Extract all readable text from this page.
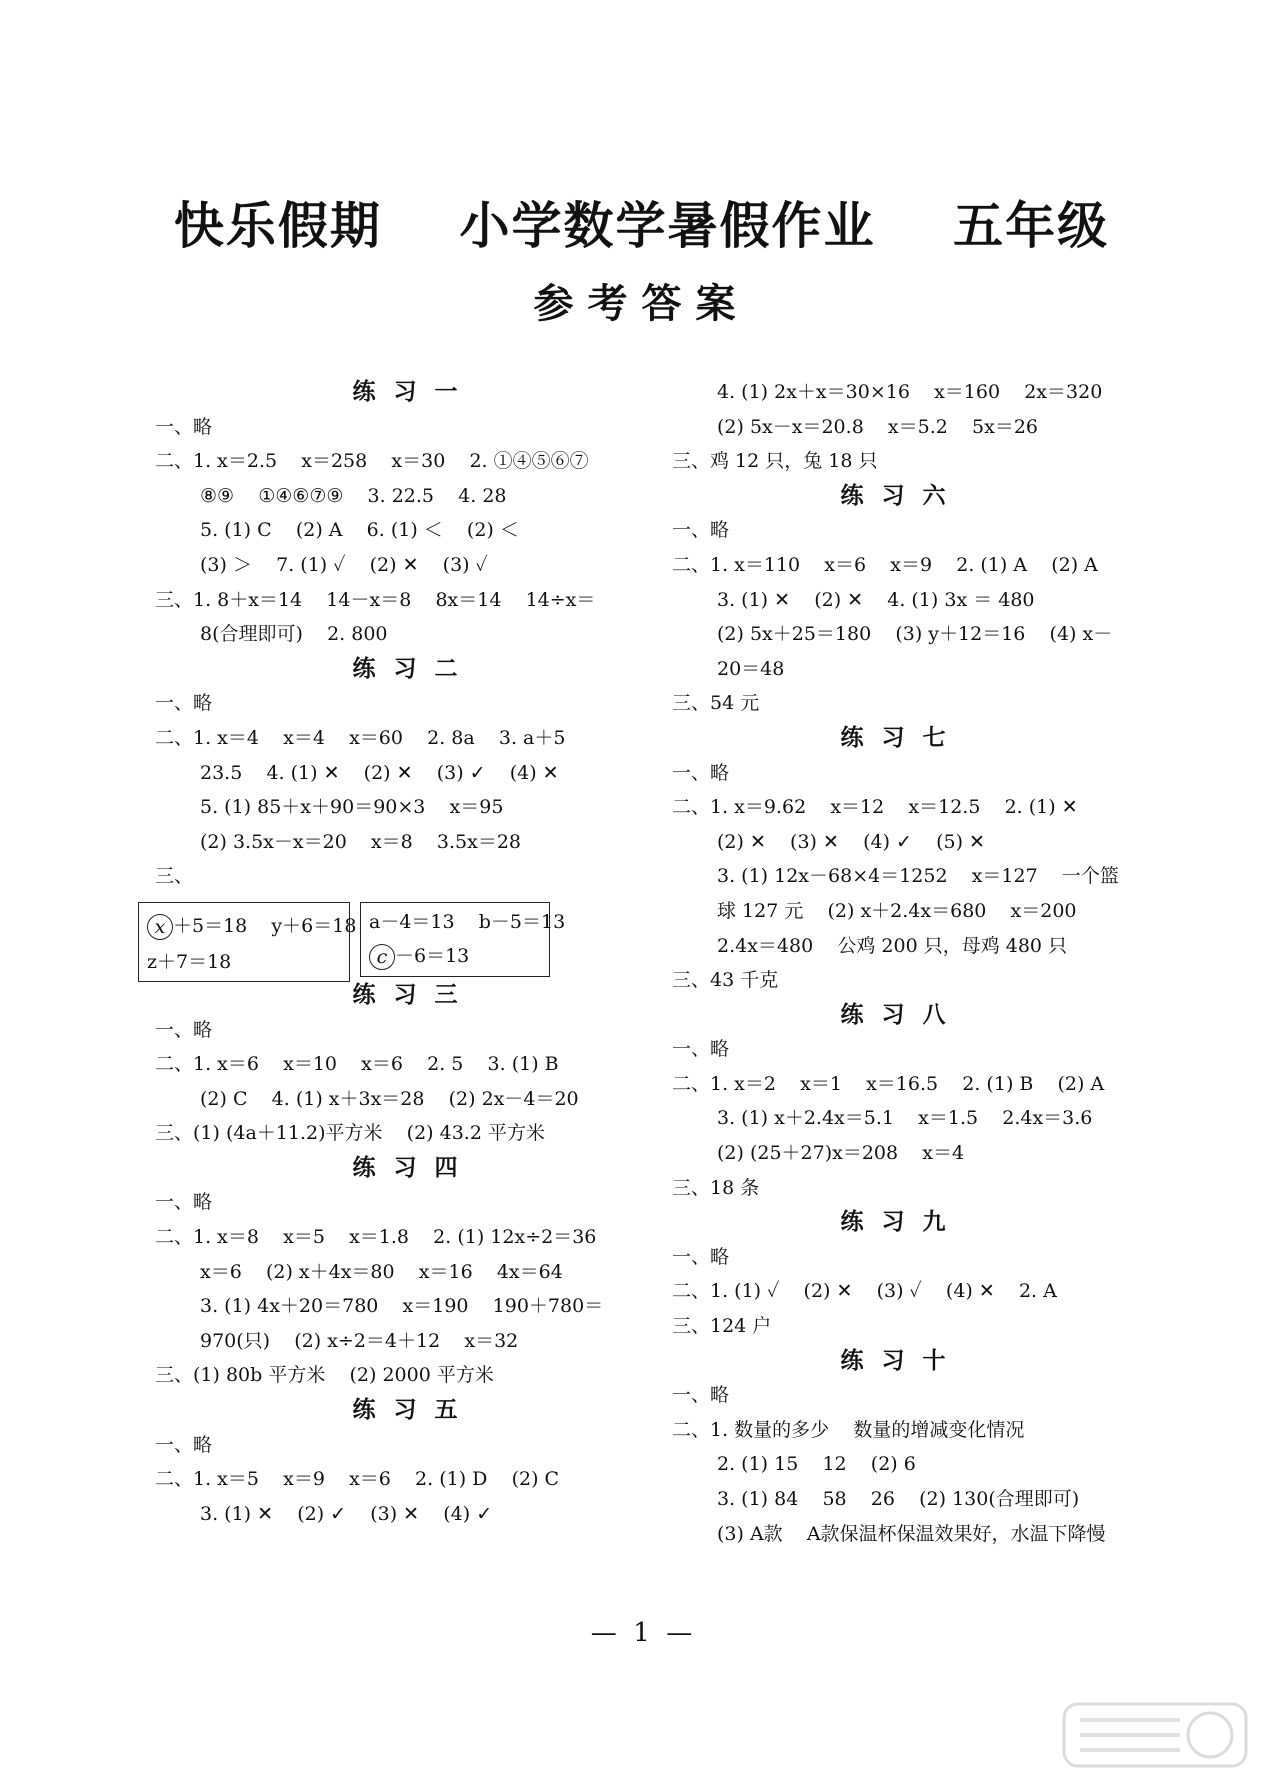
快乐假期    小学数学暑假作业    五年级
参考答案
练习一
一、略
二、1. x＝2.5    x＝258    x＝30    2. ①④⑤⑥⑦
⑧⑨    ①④⑥⑦⑨    3. 22.5    4. 28
5. (1) C    (2) A    6. (1) ＜    (2) ＜
(3) ＞    7. (1) ✓    (2) ✕    (3) ✓
三、1. 8＋x＝14    14－x＝8    8x＝14    14÷x＝
8(合理即可)    2. 800
练习二
一、略
二、1. x＝4    x＝4    x＝60    2. 8a    3. a＋5
23.5    4. (1) ✕    (2) ✕    (3) ✓    (4) ✕
5. (1) 85＋x＋90＝90×3    x＝95
(2) 3.5x－x＝20    x＝8    3.5x＝28
三、
x ＋5＝18    y＋6＝18
z＋7＝18
a－4＝13    b－5＝13
c －6＝13
练习三
一、略
二、1. x＝6    x＝10    x＝6    2. 5    3. (1) B
(2) C    4. (1) x＋3x＝28    (2) 2x－4＝20
三、(1) (4a＋11.2)平方米    (2) 43.2 平方米
练习四
一、略
二、1. x＝8    x＝5    x＝1.8    2. (1) 12x÷2＝36
x＝6    (2) x＋4x＝80    x＝16    4x＝64
3. (1) 4x＋20＝780    x＝190    190＋780＝
970(只)    (2) x÷2＝4＋12    x＝32
三、(1) 80b 平方米    (2) 2000 平方米
练习五
一、略
二、1. x＝5    x＝9    x＝6    2. (1) D    (2) C
3. (1) ✕    (2) ✓    (3) ✕    (4) ✓
4. (1) 2x＋x＝30×16    x＝160    2x＝320
(2) 5x－x＝20.8    x＝5.2    5x＝26
三、鸡 12 只，兔 18 只
练习六
一、略
二、1. x＝110    x＝6    x＝9    2. (1) A    (2) A
3. (1) ✕    (2) ✕    4. (1) 3x ＝ 480
(2) 5x＋25＝180    (3) y＋12＝16    (4) x－
20＝48
三、54 元
练习七
一、略
二、1. x＝9.62    x＝12    x＝12.5    2. (1) ✕
(2) ✕    (3) ✕    (4) ✓    (5) ✕
3. (1) 12x－68×4＝1252    x＝127    一个篮
球 127 元    (2) x＋2.4x＝680    x＝200
2.4x＝480    公鸡 200 只，母鸡 480 只
三、43 千克
练习八
一、略
二、1. x＝2    x＝1    x＝16.5    2. (1) B    (2) A
3. (1) x＋2.4x＝5.1    x＝1.5    2.4x＝3.6
(2) (25＋27)x＝208    x＝4
三、18 条
练习九
一、略
二、1. (1) ✓    (2) ✕    (3) ✓    (4) ✕    2. A
三、124 户
练习十
一、略
二、1. 数量的多少    数量的增减变化情况
2. (1) 15    12    (2) 6
3. (1) 84    58    26    (2) 130(合理即可)
(3) A款    A款保温杯保温效果好，水温下降慢
—  1  —
